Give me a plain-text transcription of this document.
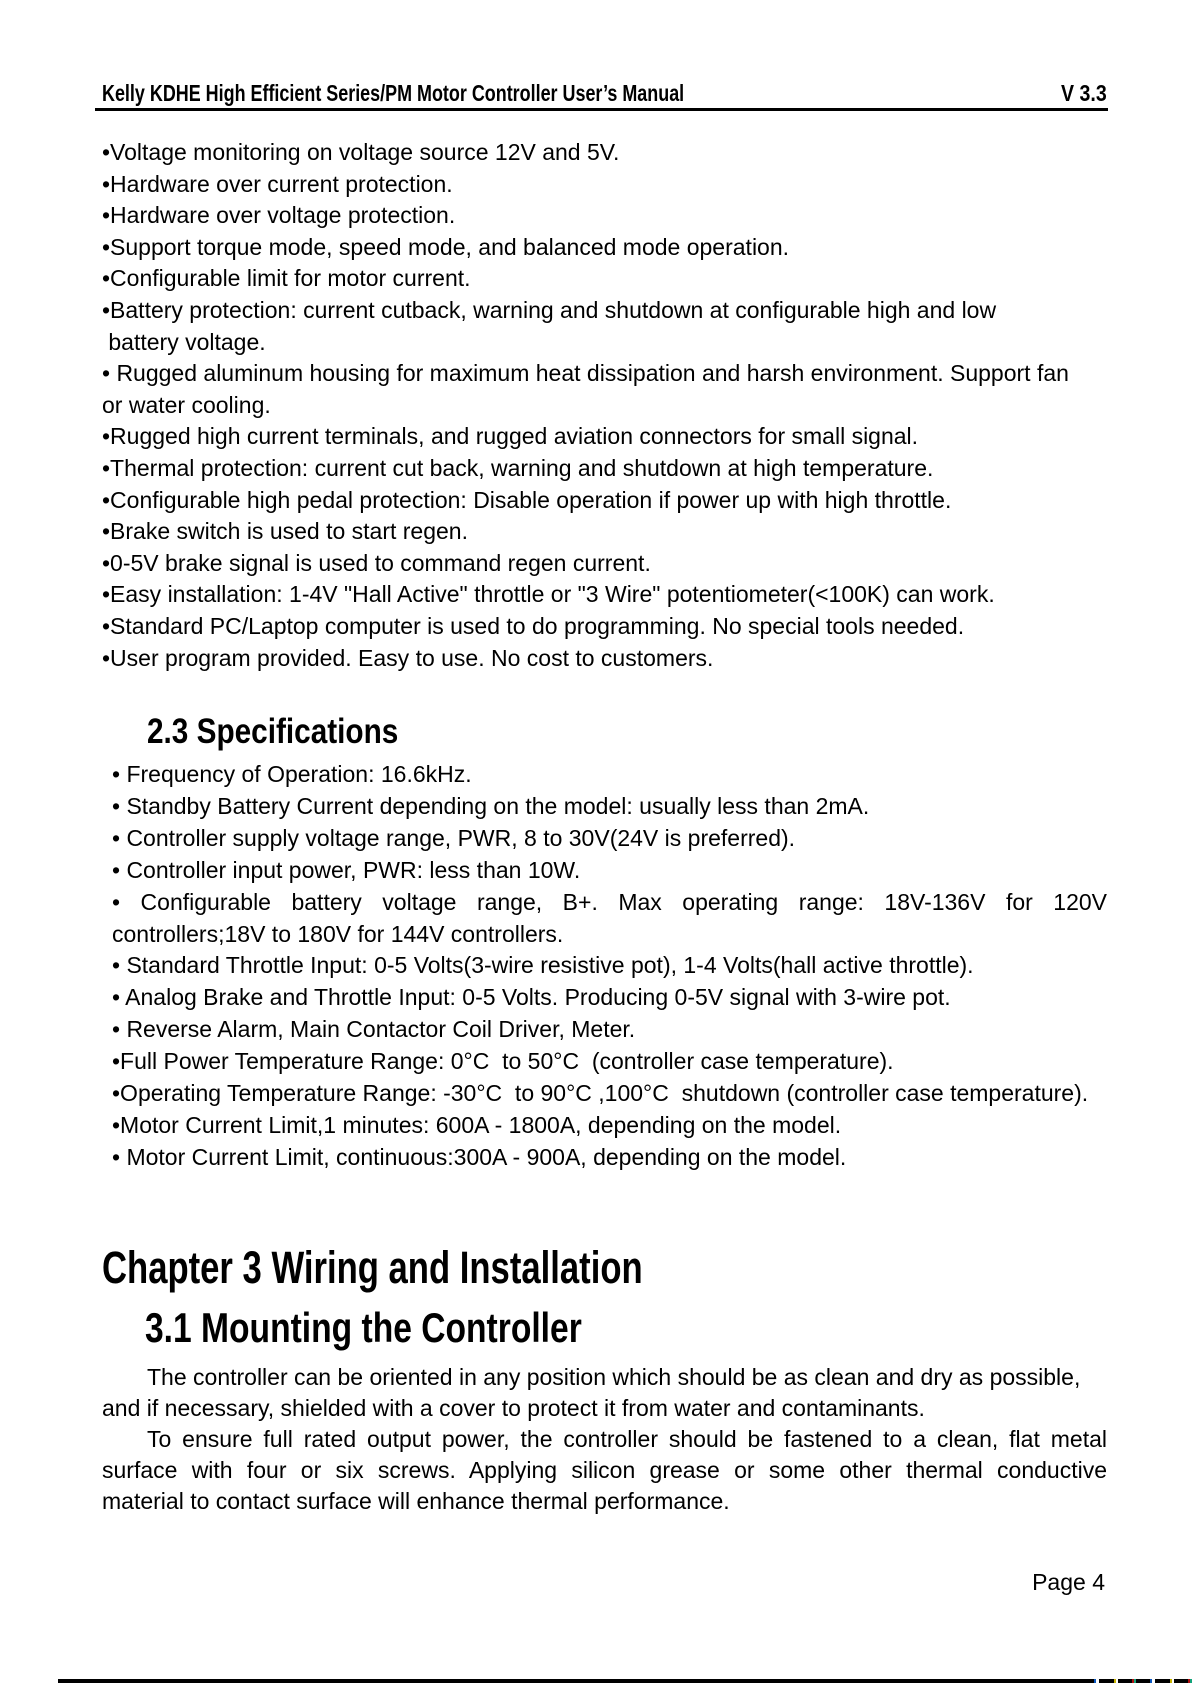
Kelly KDHE High Efficient Series/PM Motor Controller User’s Manual	V 3.3
•Voltage monitoring on voltage source 12V and 5V.
•Hardware over current protection.
•Hardware over voltage protection.
•Support torque mode, speed mode, and balanced mode operation.
•Configurable limit for motor current.
•Battery protection: current cutback, warning and shutdown at configurable high and low
battery voltage.
• Rugged aluminum housing for maximum heat dissipation and harsh environment. Support fan
or water cooling.
•Rugged high current terminals, and rugged aviation connectors for small signal.
•Thermal protection: current cut back, warning and shutdown at high temperature.
•Configurable high pedal protection: Disable operation if power up with high throttle.
•Brake switch is used to start regen.
•0-5V brake signal is used to command regen current.
•Easy installation: 1-4V "Hall Active" throttle or "3 Wire" potentiometer(<100K) can work.
•Standard PC/Laptop computer is used to do programming. No special tools needed.
•User program provided. Easy to use. No cost to customers.
2.3 Specifications
• Frequency of Operation: 16.6kHz.
• Standby Battery Current depending on the model: usually less than 2mA.
• Controller supply voltage range, PWR, 8 to 30V(24V is preferred).
• Controller input power, PWR: less than 10W.
• Configurable battery voltage range, B+. Max operating range: 18V-136V for 120V
controllers;18V to 180V for 144V controllers.
• Standard Throttle Input: 0-5 Volts(3-wire resistive pot), 1-4 Volts(hall active throttle).
• Analog Brake and Throttle Input: 0-5 Volts. Producing 0-5V signal with 3-wire pot.
• Reverse Alarm, Main Contactor Coil Driver, Meter.
•Full Power Temperature Range: 0°C  to 50°C  (controller case temperature).
•Operating Temperature Range: -30°C  to 90°C ,100°C  shutdown (controller case temperature).
•Motor Current Limit,1 minutes: 600A - 1800A, depending on the model.
• Motor Current Limit, continuous:300A - 900A, depending on the model.
Chapter 3 Wiring and Installation
3.1 Mounting the Controller
The controller can be oriented in any position which should be as clean and dry as possible,
and if necessary, shielded with a cover to protect it from water and contaminants.
To ensure full rated output power, the controller should be fastened to a clean, flat metal
surface with four or six screws. Applying silicon grease or some other thermal conductive
material to contact surface will enhance thermal performance.
Page 4
